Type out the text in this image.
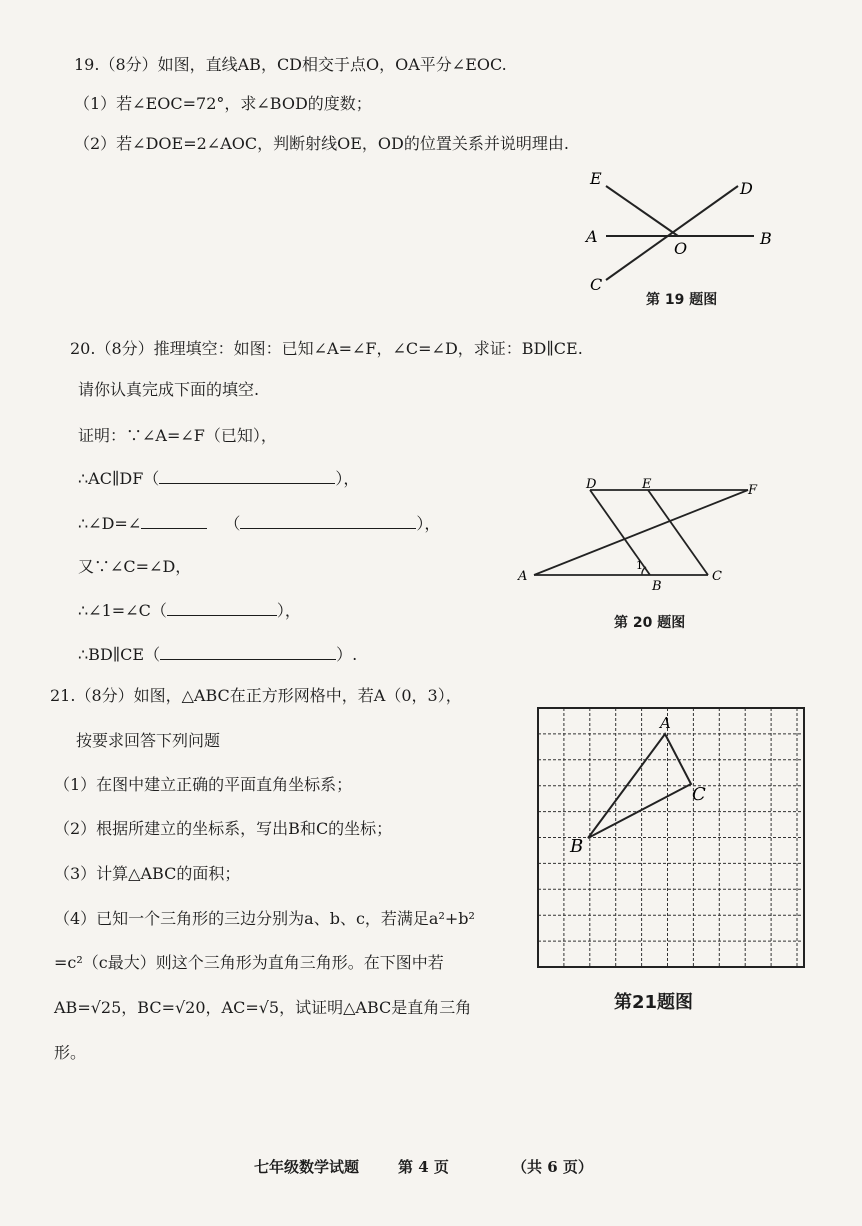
19.（8分）如图，直线AB，CD相交于点O，OA平分∠EOC.
（1）若∠EOC=72°，求∠BOD的度数；
（2）若∠DOE=2∠AOC，判断射线OE，OD的位置关系并说明理由.
E
D
A
O
B
C
第 19 题图
20.（8分）推理填空：如图：已知∠A=∠F，∠C=∠D，求证：BD∥CE.
请你认真完成下面的填空.
证明：∵∠A=∠F（已知），
∴AC∥DF（	），
∴∠D=∠	（	），
又∵∠C=∠D，
∴∠1=∠C（	），
∴BD∥CE（	）.
D	E	F
A
1
B
C
第 20 题图
21.（8分）如图，△ABC在正方形网格中，若A（0，3），
按要求回答下列问题
（1）在图中建立正确的平面直角坐标系；
（2）根据所建立的坐标系，写出B和C的坐标；
（3）计算△ABC的面积；
（4）已知一个三角形的三边分别为a、b、c，若满足a²+b²
=c²（c最大）则这个三角形为直角三角形。在下图中若
AB=√25，BC=√20，AC=√5，试证明△ABC是直角三角
形。
A
C
B
第21题图
七年级数学试题	第 4 页	（共 6 页）
